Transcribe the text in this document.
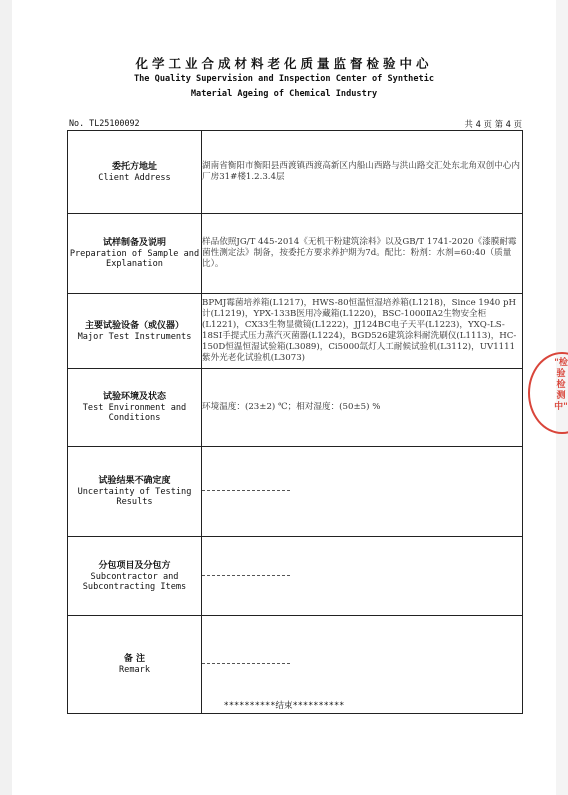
化学工业合成材料老化质量监督检验中心
The Quality Supervision and Inspection Center of Synthetic
Material Ageing of Chemical Industry
No. TL25100092	共 4 页 第 4 页
委托方地址
Client Address	湖南省衡阳市衡阳县西渡镇西渡高新区内船山西路与洪山路交汇处东北角双创中心内厂房31#楼1.2.3.4层

试样制备及说明
Preparation of Sample and Explanation	样品依照JG/T 445-2014《无机干粉建筑涂料》以及GB/T 1741-2020《漆膜耐霉菌性测定法》制备，按委托方要求养护期为7d。配比：粉剂：水剂=60:40（质量比）。

主要试验设备（或仪器）
Major Test Instruments	BPMJ霉菌培养箱(L1217)，HWS-80恒温恒湿培养箱(L1218)，Since 1940 pH计(L1219)，YPX-133B医用冷藏箱(L1220)，BSC-1000ⅡA2生物安全柜(L1221)，CX33生物显微镜(L1222)，JJ124BC电子天平(L1223)，YXQ-LS-18SI手提式压力蒸汽灭菌器(L1224)，BGD526建筑涂料耐洗刷仪(L1113)，HC-150D恒温恒湿试验箱(L3089)，Ci5000氙灯人工耐候试验机(L3112)，UV1111紫外光老化试验机(L3073)

试验环境及状态
Test Environment and Conditions	环境温度：(23±2) ℃；相对湿度：(50±5) %

试验结果不确定度
Uncertainty of Testing Results	

分包项目及分包方
Subcontractor and Subcontracting Items	

备 注
Remark	

**********结束**********
"检验检测中"
